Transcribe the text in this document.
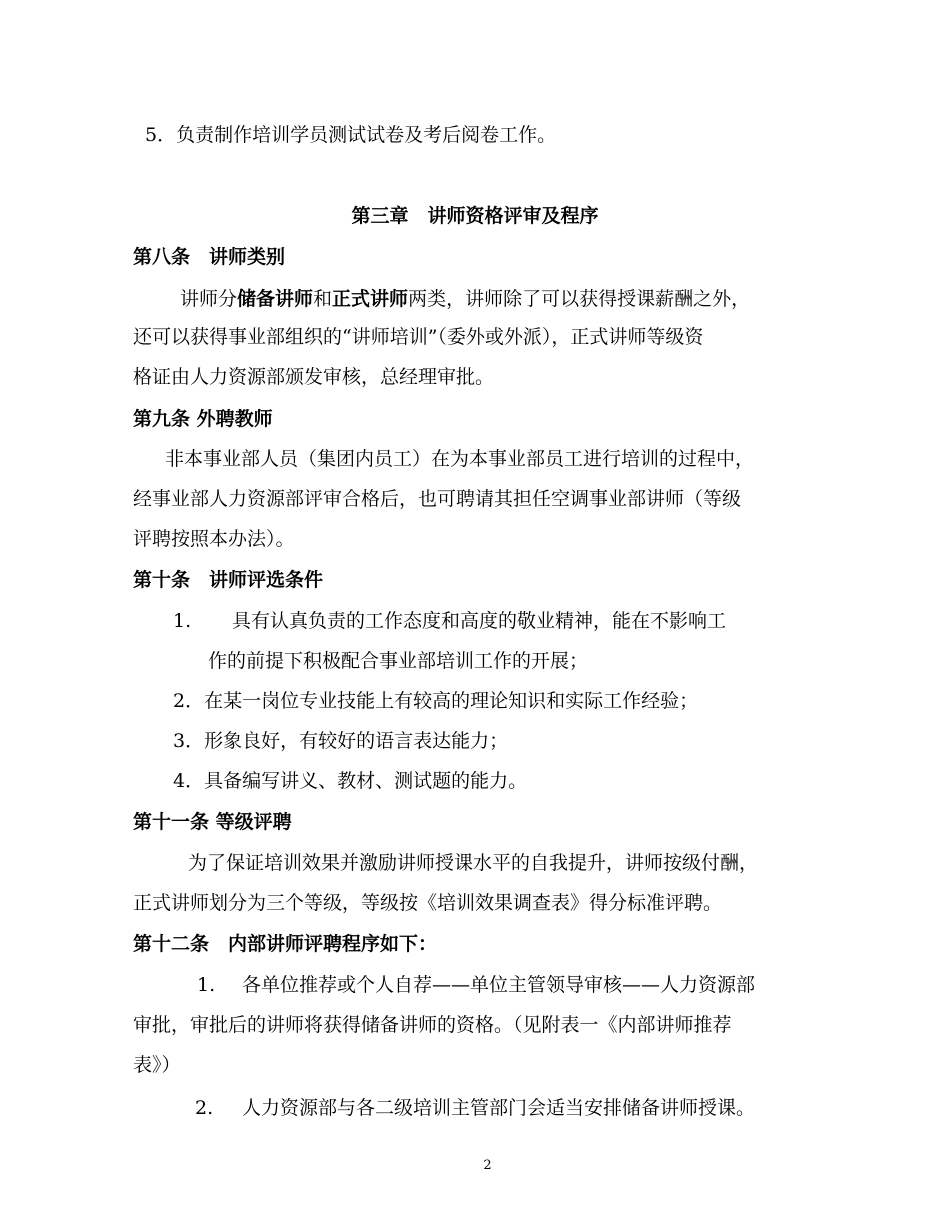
5．负责制作培训学员测试试卷及考后阅卷工作。

第三章　讲师资格评审及程序

第八条　讲师类别

讲师分储备讲师和正式讲师两类，讲师除了可以获得授课薪酬之外，

还可以获得事业部组织的“讲师培训”（委外或外派），正式讲师等级资

格证由人力资源部颁发审核，总经理审批。

第九条 外聘教师

非本事业部人员（集团内员工）在为本事业部员工进行培训的过程中，

经事业部人力资源部评审合格后，也可聘请其担任空调事业部讲师（等级

评聘按照本办法）。

第十条　讲师评选条件

1. 具有认真负责的工作态度和高度的敬业精神，能在不影响工

作的前提下积极配合事业部培训工作的开展；

2．在某一岗位专业技能上有较高的理论知识和实际工作经验；

3．形象良好，有较好的语言表达能力；

4．具备编写讲义、教材、测试题的能力。

第十一条 等级评聘

为了保证培训效果并激励讲师授课水平的自我提升，讲师按级付酬，

正式讲师划分为三个等级，等级按《培训效果调查表》得分标准评聘。

第十二条　内部讲师评聘程序如下：

1. 各单位推荐或个人自荐——单位主管领导审核——人力资源部

审批，审批后的讲师将获得储备讲师的资格。（见附表一《内部讲师推荐

表》）

2. 人力资源部与各二级培训主管部门会适当安排储备讲师授课。

2
